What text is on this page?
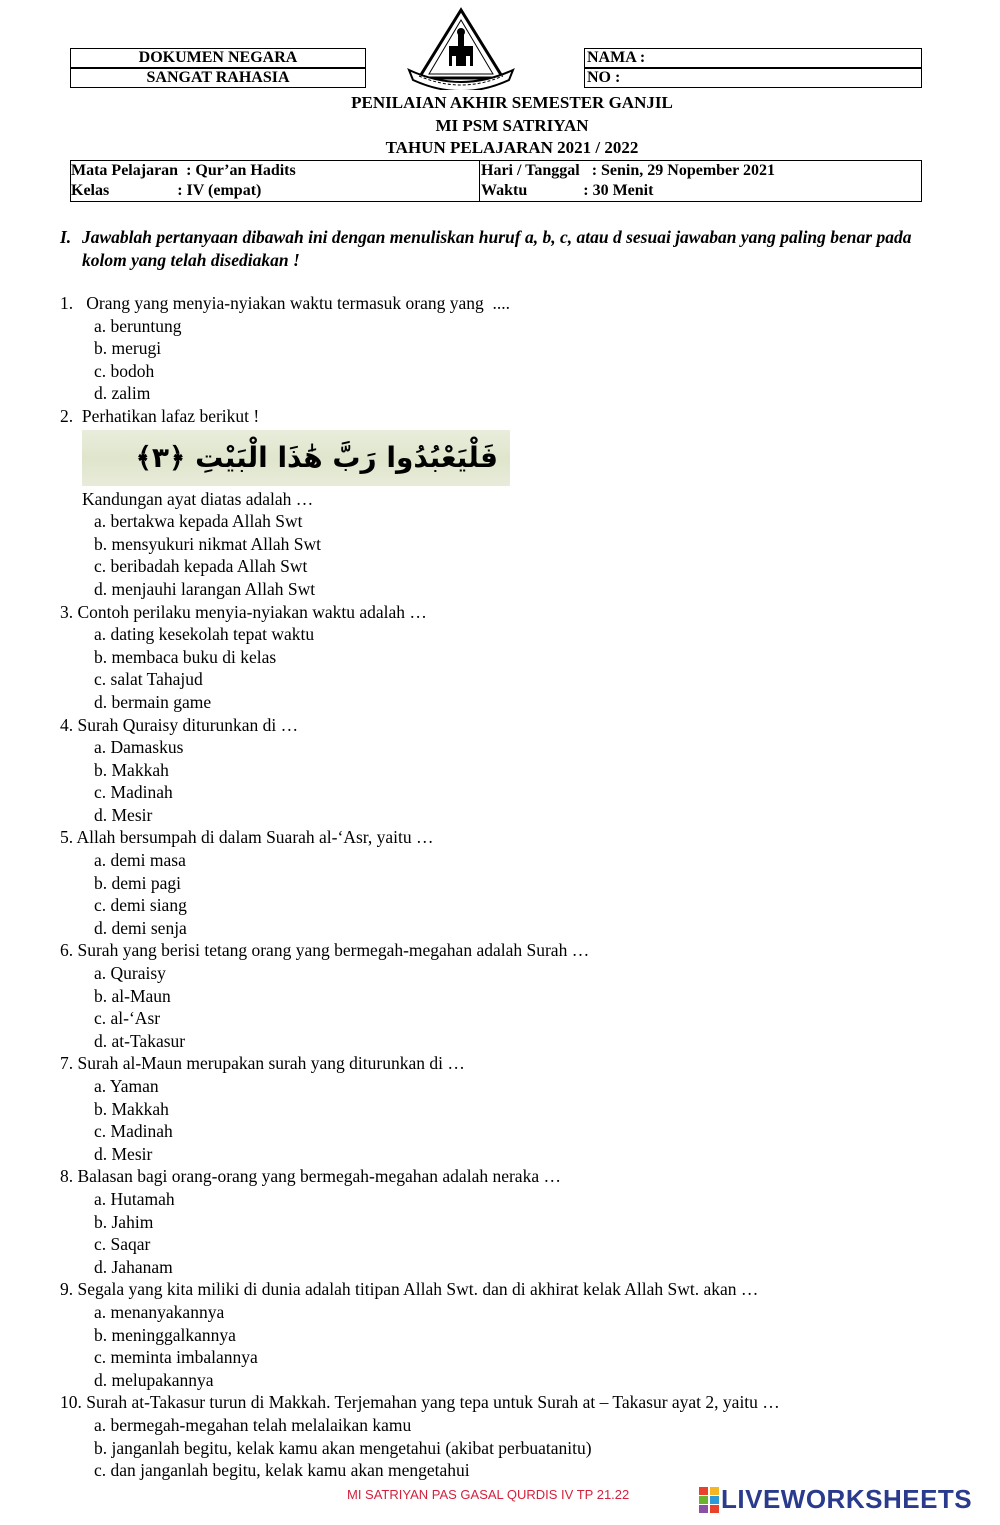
DOKUMEN NEGARA
SANGAT RAHASIA
NAMA :
NO :
PENILAIAN AKHIR SEMESTER GANJIL
MI PSM SATRIYAN
TAHUN PELAJARAN 2021 / 2022
Mata Pelajaran  : Qur’an Hadits
Kelas                 : IV (empat)
Hari / Tanggal   : Senin, 29 Nopember 2021
Waktu              : 30 Menit
I. Jawablah pertanyaan dibawah ini dengan menuliskan huruf a, b, c, atau d sesuai jawaban yang paling benar pada kolom yang telah disediakan !
1.   Orang yang menyia-nyiakan waktu termasuk orang yang  ....
a. beruntung
b. merugi
c. bodoh
d. zalim
2.  Perhatikan lafaz berikut !
فَلْيَعْبُدُوا رَبَّ هَٰذَا الْبَيْتِ ﴿٣﴾
Kandungan ayat diatas adalah …
a. bertakwa kepada Allah Swt
b. mensyukuri nikmat Allah Swt
c. beribadah kepada Allah Swt
d. menjauhi larangan Allah Swt
3. Contoh perilaku menyia-nyiakan waktu adalah …
a. dating kesekolah tepat waktu
b. membaca buku di kelas
c. salat Tahajud
d. bermain game
4. Surah Quraisy diturunkan di …
a. Damaskus
b. Makkah
c. Madinah
d. Mesir
5. Allah bersumpah di dalam Suarah al-‘Asr, yaitu …
a. demi masa
b. demi pagi
c. demi siang
d. demi senja
6. Surah yang berisi tetang orang yang bermegah-megahan adalah Surah …
a. Quraisy
b. al-Maun
c. al-‘Asr
d. at-Takasur
7. Surah al-Maun merupakan surah yang diturunkan di …
a. Yaman
b. Makkah
c. Madinah
d. Mesir
8. Balasan bagi orang-orang yang bermegah-megahan adalah neraka …
a. Hutamah
b. Jahim
c. Saqar
d. Jahanam
9. Segala yang kita miliki di dunia adalah titipan Allah Swt. dan di akhirat kelak Allah Swt. akan …
a. menanyakannya
b. meninggalkannya
c. meminta imbalannya
d. melupakannya
10. Surah at-Takasur turun di Makkah. Terjemahan yang tepa untuk Surah at – Takasur ayat 2, yaitu …
a. bermegah-megahan telah melalaikan kamu
b. janganlah begitu, kelak kamu akan mengetahui (akibat perbuatanitu)
c. dan janganlah begitu, kelak kamu akan mengetahui
MI SATRIYAN PAS GASAL QURDIS IV TP 21.22	LIVEWORKSHEETS
